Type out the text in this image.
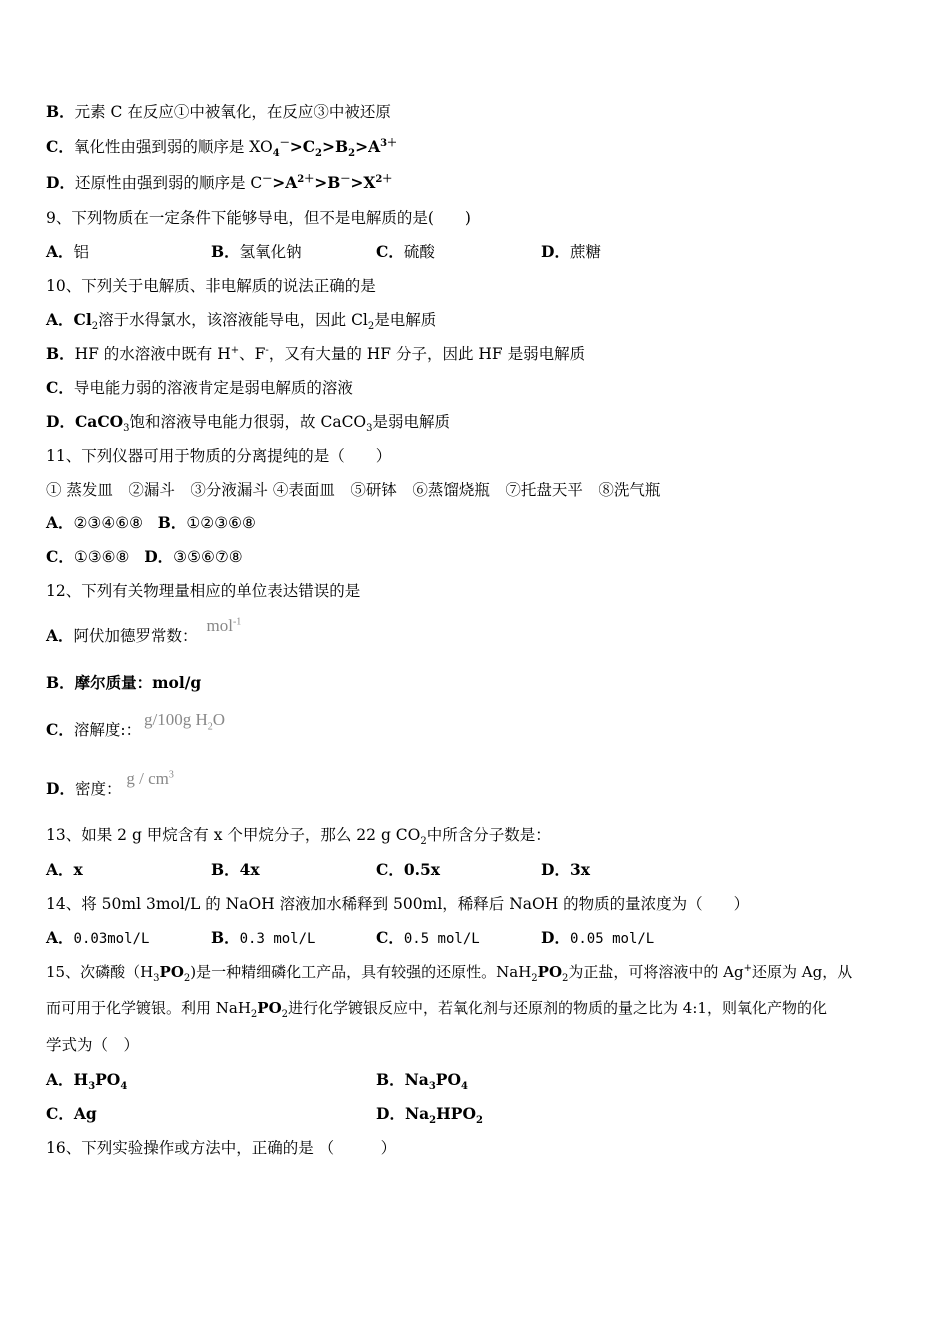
B．元素 C 在反应①中被氧化，在反应③中被还原
C．氧化性由强到弱的顺序是 $XO_4^->C_2>B_2>A^{3+}$
D．还原性由强到弱的顺序是 $C^->A^{2+}>B^->X^{2+}$
9、下列物质在一定条件下能够导电，但不是电解质的是(　　)
A．铝	B．氢氧化钠	C．硫酸	D．蔗糖
10、下列关于电解质、非电解质的说法正确的是
A．$Cl_2$溶于水得氯水，该溶液能导电，因此 $Cl_2$是电解质
B．HF 的水溶液中既有 H+、F-，又有大量的 HF 分子，因此 HF 是弱电解质
C．导电能力弱的溶液肯定是弱电解质的溶液
D．CaCO$_3$饱和溶液导电能力很弱，故 CaCO$_3$是弱电解质
11、下列仪器可用于物质的分离提纯的是（　　）
① 蒸发皿　②漏斗　③分液漏斗 ④表面皿　⑤研钵　⑥蒸馏烧瓶　⑦托盘天平　⑧洗气瓶
A．②③④⑥⑧ B．①②③⑥⑧
C．①③⑥⑧ D．③⑤⑥⑦⑧
12、下列有关物理量相应的单位表达错误的是
A．阿伏加德罗常数： mol$^{-1}$
B．摩尔质量：mol/g
C．溶解度:： g/100g $H_2O$
D．密度： g / $cm^3$
13、如果 2 g 甲烷含有 x 个甲烷分子，那么 22 g $CO_2$中所含分子数是：
A．x	B．4x	C．0.5x	D．3x
14、将 50ml 3mol/L 的 NaOH 溶液加水稀释到 500ml，稀释后 NaOH 的物质的量浓度为（　　）
A．0.03mol/L	B．0.3 mol/L	C．0.5 mol/L	D．0.05 mol/L
15、次磷酸$(H_3PO_2)$是一种精细磷化工产品，具有较强的还原性。$NaH_2PO_2$为正盐，可将溶液中的 Ag+还原为 Ag，从
而可用于化学镀银。利用 $NaH_2PO_2$进行化学镀银反应中，若氧化剂与还原剂的物质的量之比为 4:1，则氧化产物的化
学式为（　）
A．$H_3PO_4$	B．$Na_3PO_4$
C．Ag	D．$Na_2HPO_2$
16、下列实验操作或方法中，正确的是 （　　　）
